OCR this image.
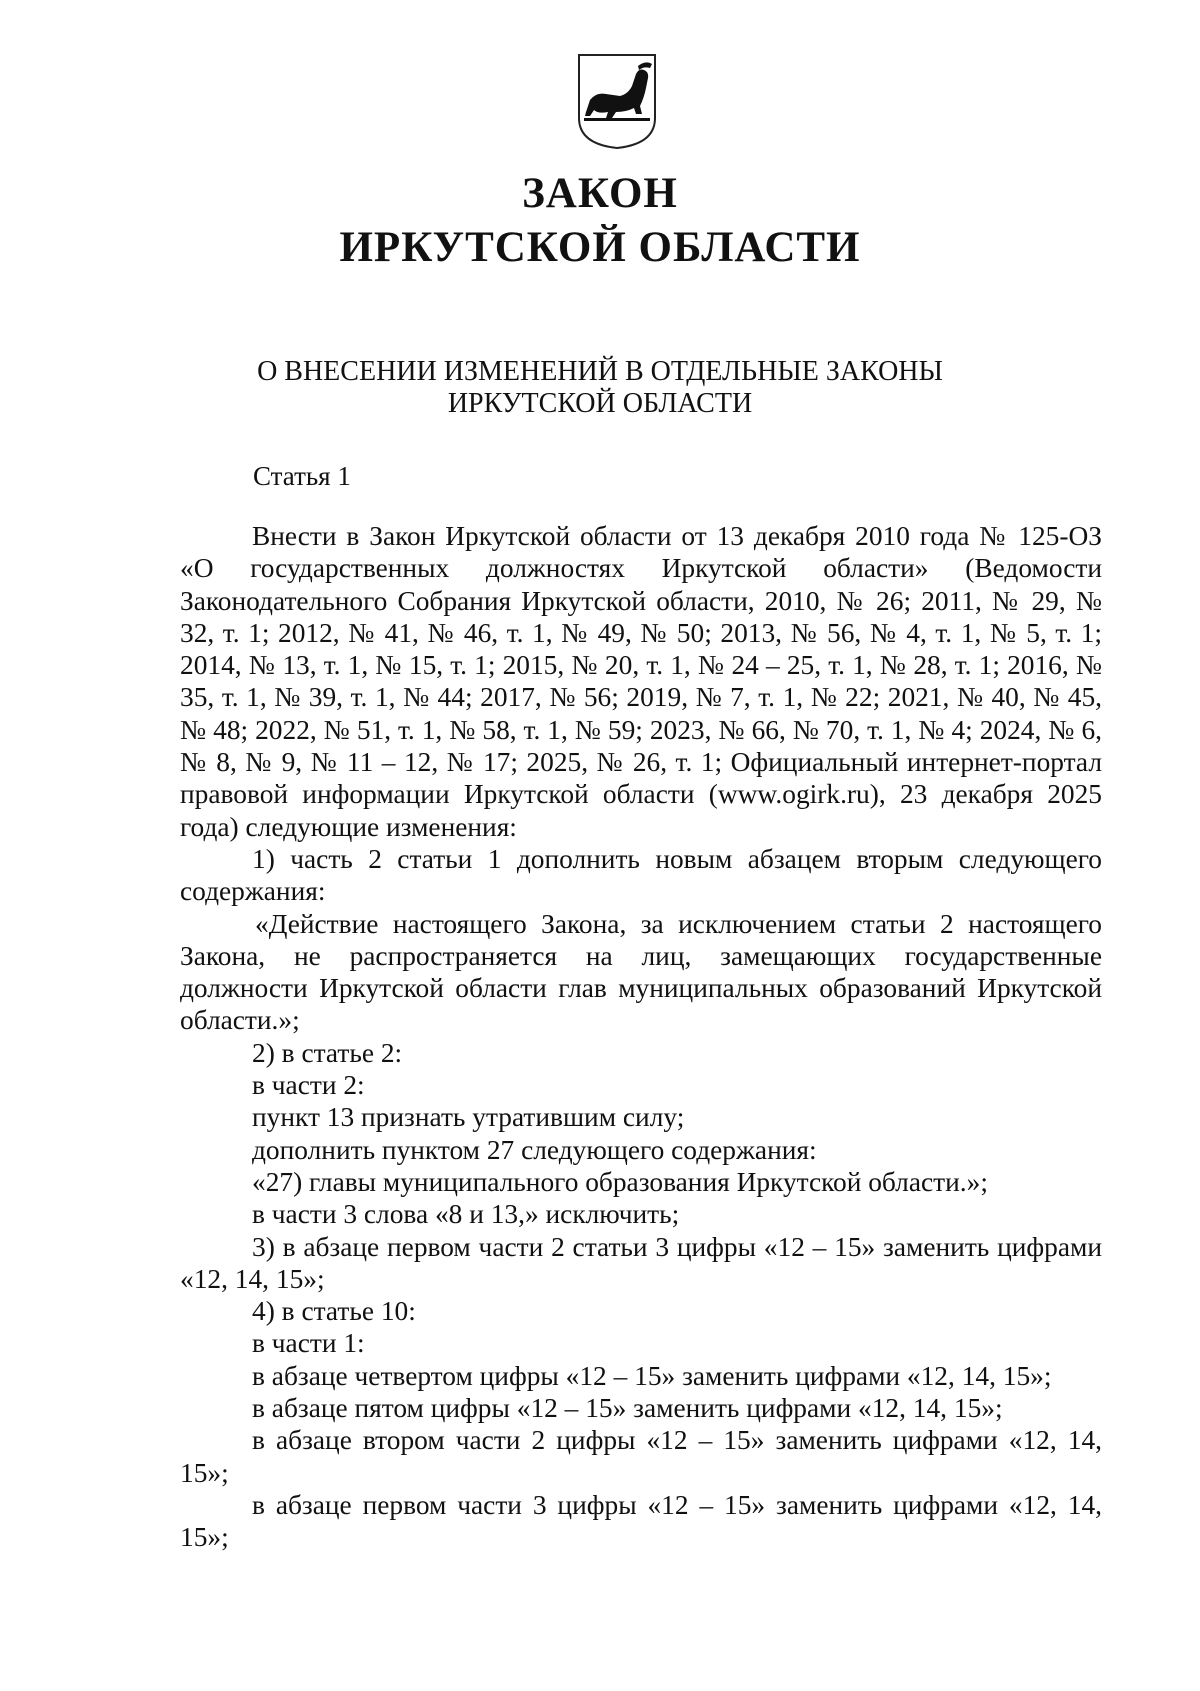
ЗАКОН
ИРКУТСКОЙ ОБЛАСТИ
О ВНЕСЕНИИ ИЗМЕНЕНИЙ В ОТДЕЛЬНЫЕ ЗАКОНЫ
ИРКУТСКОЙ ОБЛАСТИ
Статья 1

Внести в Закон Иркутской области от 13 декабря 2010 года № 125-ОЗ «О государственных должностях Иркутской области» (Ведомости Законодательного Собрания Иркутской области, 2010, № 26; 2011, № 29, № 32, т. 1; 2012, № 41, № 46, т. 1, № 49, № 50; 2013, № 56, № 4, т. 1, № 5, т. 1; 2014, № 13, т. 1, № 15, т. 1; 2015, № 20, т. 1, № 24 – 25, т. 1, № 28, т. 1; 2016, № 35, т. 1, № 39, т. 1, № 44; 2017, № 56; 2019, № 7, т. 1, № 22; 2021, № 40, № 45, № 48; 2022, № 51, т. 1, № 58, т. 1, № 59; 2023, № 66, № 70, т. 1, № 4; 2024, № 6, № 8, № 9, № 11 – 12, № 17; 2025, № 26, т. 1; Официальный интернет-портал правовой информации Иркутской области (www.ogirk.ru), 23 декабря 2025 года) следующие изменения:

1) часть 2 статьи 1 дополнить новым абзацем вторым следующего содержания:

«Действие настоящего Закона, за исключением статьи 2 настоящего Закона, не распространяется на лиц, замещающих государственные должности Иркутской области глав муниципальных образований Иркутской области.»;

2) в статье 2:

в части 2:

пункт 13 признать утратившим силу;

дополнить пунктом 27 следующего содержания:

«27) главы муниципального образования Иркутской области.»;

в части 3 слова «8 и 13,» исключить;

3) в абзаце первом части 2 статьи 3 цифры «12 – 15» заменить цифрами «12, 14, 15»;

4) в статье 10:

в части 1:

в абзаце четвертом цифры «12 – 15» заменить цифрами «12, 14, 15»;

в абзаце пятом цифры «12 – 15» заменить цифрами «12, 14, 15»;

в абзаце втором части 2 цифры «12 – 15» заменить цифрами «12, 14, 15»;

в абзаце первом части 3 цифры «12 – 15» заменить цифрами «12, 14, 15»;
